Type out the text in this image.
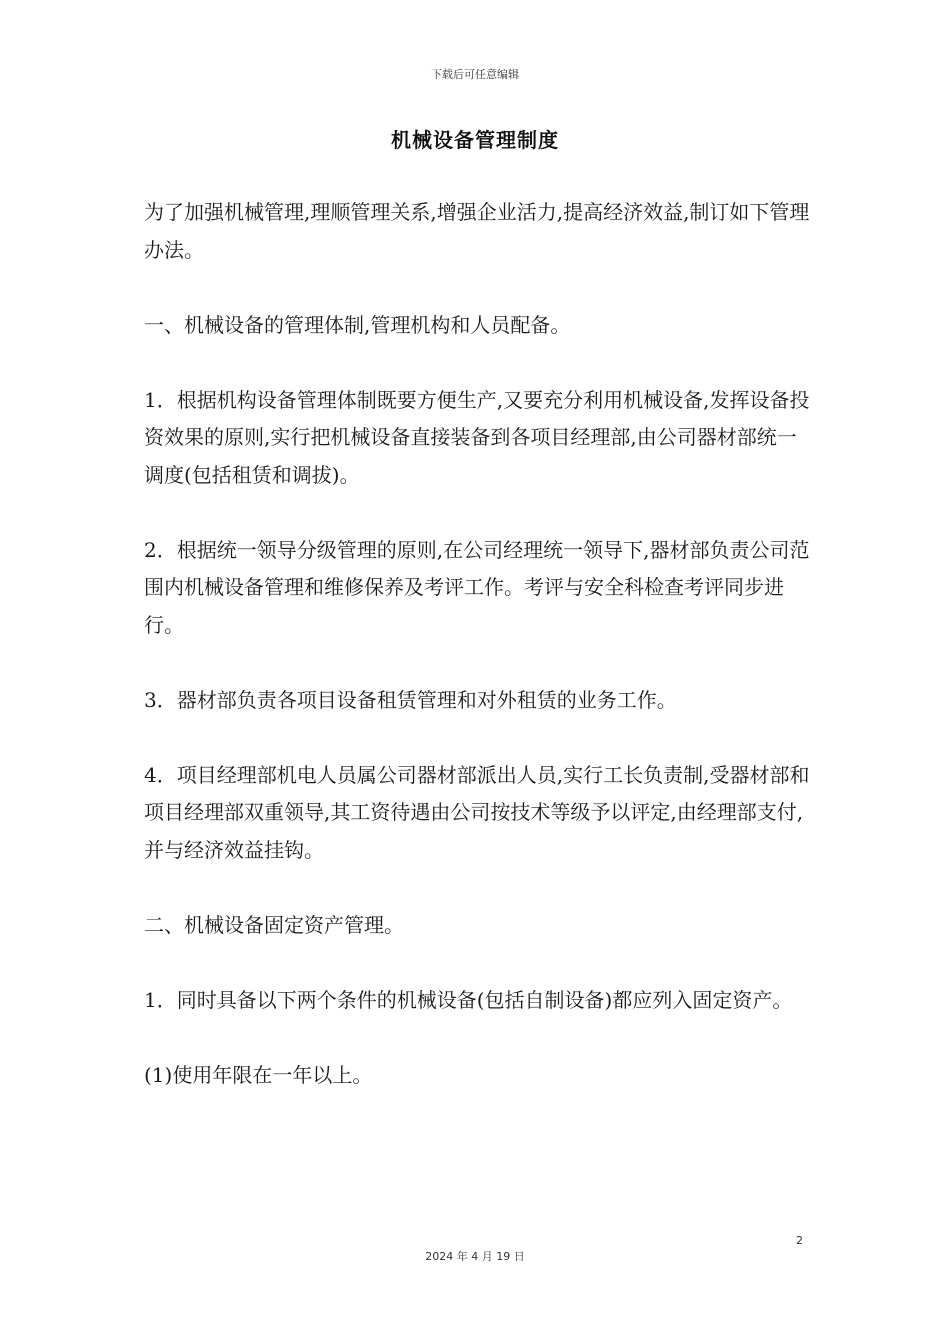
下载后可任意编辑
机械设备管理制度

为了加强机械管理,理顺管理关系,增强企业活力,提高经济效益,制订如下管理办法。

一、机械设备的管理体制,管理机构和人员配备。

1．根据机构设备管理体制既要方便生产,又要充分利用机械设备,发挥设备投资效果的原则,实行把机械设备直接装备到各项目经理部,由公司器材部统一调度(包括租赁和调拔)。

2．根据统一领导分级管理的原则,在公司经理统一领导下,器材部负责公司范围内机械设备管理和维修保养及考评工作。考评与安全科检查考评同步进行。

3．器材部负责各项目设备租赁管理和对外租赁的业务工作。

4．项目经理部机电人员属公司器材部派出人员,实行工长负责制,受器材部和项目经理部双重领导,其工资待遇由公司按技术等级予以评定,由经理部支付,并与经济效益挂钩。

二、机械设备固定资产管理。

1．同时具备以下两个条件的机械设备(包括自制设备)都应列入固定资产。

(1)使用年限在一年以上。

2
2024 年 4 月 19 日
